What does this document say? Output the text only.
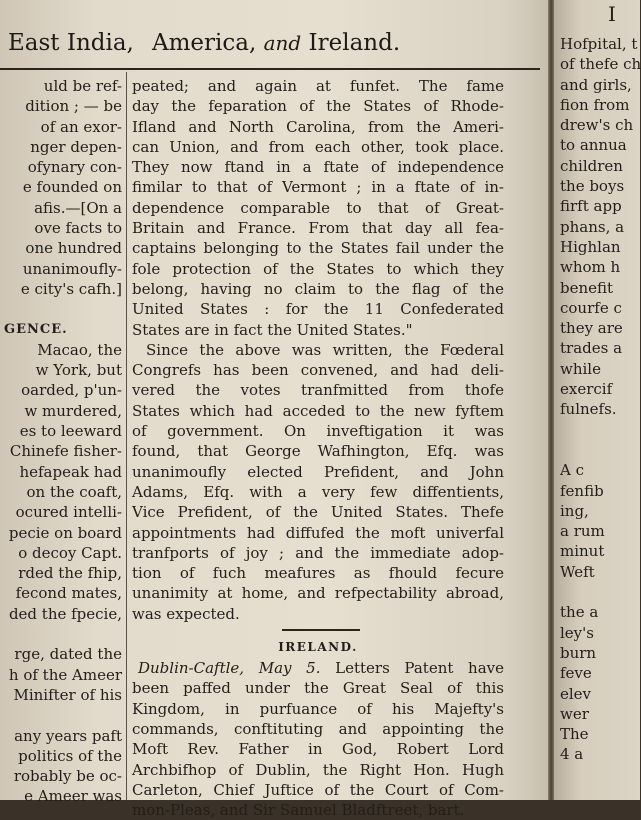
East India, America, and Ireland.
uld be ref-
dition ; — be
of an exor-
nger depen-
ofynary con-
e founded on
afis.—[On a
ove facts to
one hundred
unanimoufly-
e city's cafh.]

GENCE.
Macao, the
w York, but
oarded, p'un-
w murdered,
es to leeward
Chinefe fisher-
hefapeak had
on the coaft,
ocured intelli-
pecie on board
o decoy Capt.
rded the fhip,
fecond mates,
ded the fpecie,

rge, dated the
h of the Ameer
Minifter of his

any years paft
politics of the
robably be oc-
e Ameer was
peated; and again at funfet. The fame
day the feparation of the States of Rhode-
Ifland and North Carolina, from the Ameri-
can Union, and from each other, took place.
They now ftand in a ftate of independence
fimilar to that of Vermont ; in a ftate of in-
dependence comparable to that of Great-
Britain and France. From that day all fea-
captains belonging to the States fail under the
fole protection of the States to which they
belong, having no claim to the flag of the
United States : for the 11 Confederated
States are in fact the United States."
Since the above was written, the Fœderal
Congrefs has been convened, and had deli-
vered the votes tranfmitted from thofe
States which had acceded to the new fyftem
of government. On inveftigation it was
found, that George Wafhington, Efq. was
unanimoufly elected Prefident, and John
Adams, Efq. with a very few diffentients,
Vice Prefident, of the United States. Thefe
appointments had diffufed the moft univerfal
tranfports of joy ; and the immediate adop-
tion of fuch meafures as fhould fecure
unanimity at home, and refpectability abroad,
was expected.
IRELAND.
Dublin-Caftle, May 5. Letters Patent have
been paffed under the Great Seal of this
Kingdom, in purfuance of his Majefty's
commands, conftituting and appointing the
Moft Rev. Father in God, Robert Lord
Archbifhop of Dublin, the Right Hon. Hugh
Carleton, Chief Juftice of the Court of Com-
mon-Pleas, and Sir Samuel Bladftreet, bart.
I
Hofpital, t
of thefe ch
and girls,
fion from
drew's ch
to annua
children
the boys
firft app
phans, a
Highlan
whom h
benefit
courfe c
they are
trades a
while
exercif
fulnefs.

A c
fenfib
ing,
a rum
minut
Weft

the a
ley's
burn
feve
elev
wer
The
4 a
